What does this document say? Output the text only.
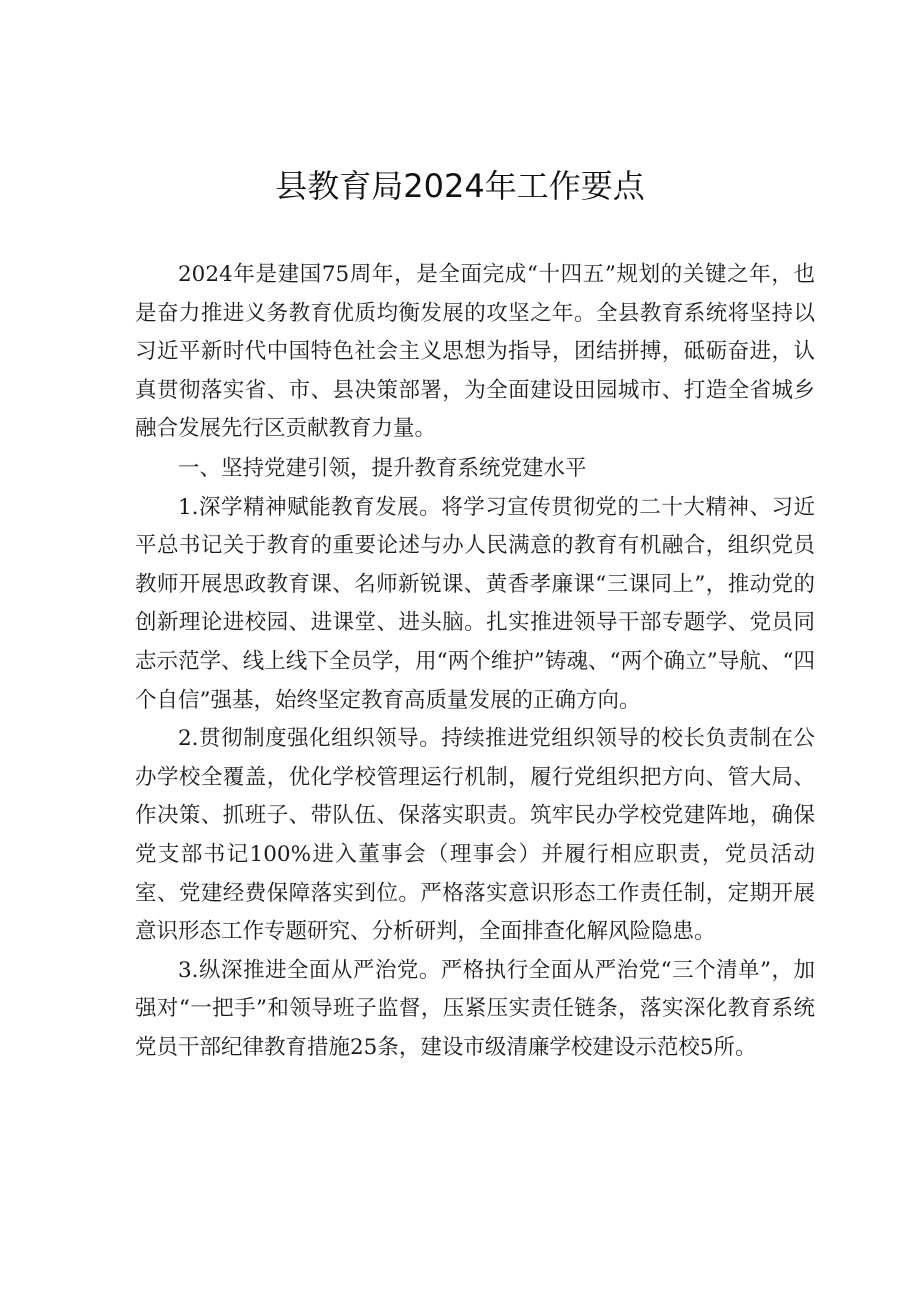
县教育局2024年工作要点

2024年是建国75周年，是全面完成“十四五”规划的关键之年，也是奋力推进义务教育优质均衡发展的攻坚之年。全县教育系统将坚持以习近平新时代中国特色社会主义思想为指导，团结拼搏，砥砺奋进，认真贯彻落实省、市、县决策部署，为全面建设田园城市、打造全省城乡融合发展先行区贡献教育力量。

一、坚持党建引领，提升教育系统党建水平

1.深学精神赋能教育发展。将学习宣传贯彻党的二十大精神、习近平总书记关于教育的重要论述与办人民满意的教育有机融合，组织党员教师开展思政教育课、名师新锐课、黄香孝廉课“三课同上”，推动党的创新理论进校园、进课堂、进头脑。扎实推进领导干部专题学、党员同志示范学、线上线下全员学，用“两个维护”铸魂、“两个确立”导航、“四个自信”强基，始终坚定教育高质量发展的正确方向。

2.贯彻制度强化组织领导。持续推进党组织领导的校长负责制在公办学校全覆盖，优化学校管理运行机制，履行党组织把方向、管大局、作决策、抓班子、带队伍、保落实职责。筑牢民办学校党建阵地，确保党支部书记100%进入董事会（理事会）并履行相应职责，党员活动室、党建经费保障落实到位。严格落实意识形态工作责任制，定期开展意识形态工作专题研究、分析研判，全面排查化解风险隐患。

3.纵深推进全面从严治党。严格执行全面从严治党“三个清单”，加强对“一把手”和领导班子监督，压紧压实责任链条，落实深化教育系统党员干部纪律教育措施25条，建设市级清廉学校建设示范校5所。
